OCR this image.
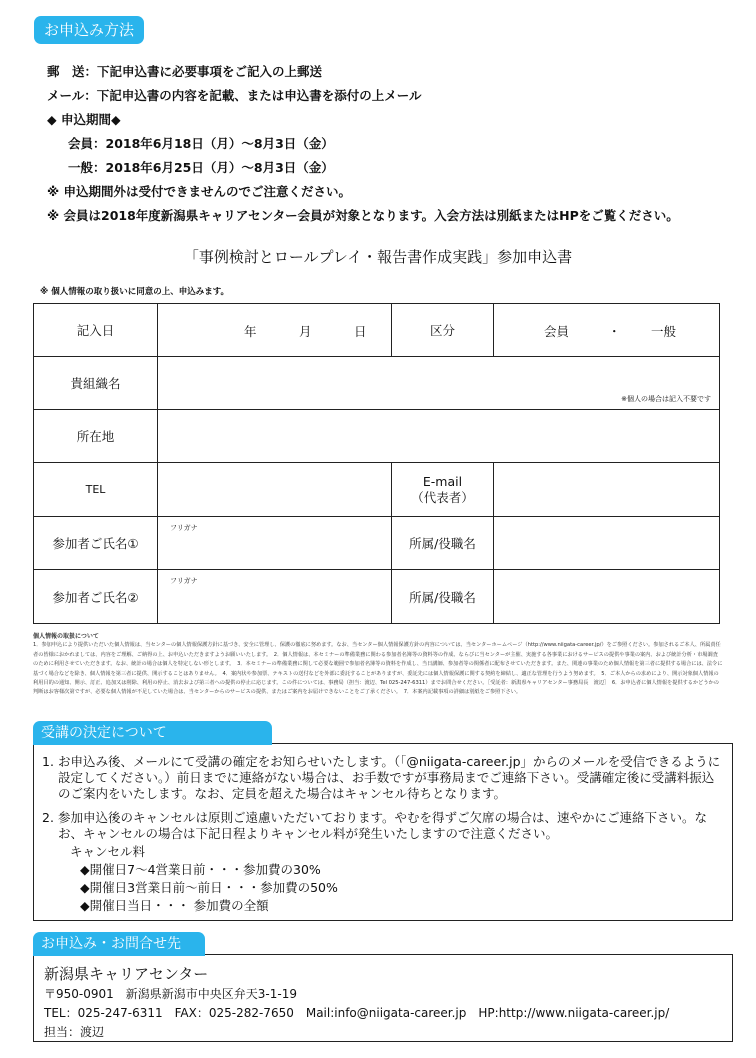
お申込み方法
郵　送：下記申込書に必要事項をご記入の上郵送
メール：下記申込書の内容を記載、または申込書を添付の上メール
◆ 申込期間◆
会員：2018年6月18日（月）～8月3日（金）
一般：2018年6月25日（月）～8月3日（金）
※ 申込期間外は受付できませんのでご注意ください。
※ 会員は2018年度新潟県キャリアセンター会員が対象となります。入会方法は別紙またはHPをご覧ください。
「事例検討とロールプレイ・報告書作成実践」参加申込書
※ 個人情報の取り扱いに同意の上、申込みます。
記入日	年 月 日	区分	会員 ・ 一般

貴組織名	※個人の場合は記入不要です		

所在地			
TEL		E-mail
（代表者）	

参加者ご氏名①	フリガナ	所属/役職名	
参加者ご氏名②	フリガナ	所属/役職名	
個人情報の取扱について
1．参加申込により提供いただいた個人情報は、当センターの個人情報保護方針に基づき、安全に管理し、保護の徹底に努めます。なお、当センター個人情報保護方針の内容については、当センターホームページ（http://www.niigata-career.jp/）をご参照ください。参加されるご本人、所属責任者の皆様におかれましては、内容をご理解、ご納得の上、お申込いただきますようお願いいたします。　2．個人情報は、本セミナーの準備業務に関わる参加者名簿等の資料等の作成、ならびに当センターが主催、実施する各事業におけるサービスの提供や事業の案内、および統計分析・市場調査のために利用させていただきます。なお、統計の場合は個人を特定しない形とします。　3．本セミナーの準備業務に関して必要な範囲で参加者名簿等の資料を作成し、当日講師、参加者等の関係者に配布させていただきます。また、関連の事業のため個人情報を第三者に提供する場合には、法令に基づく場合などを除き、個人情報を第三者に提供、開示することはありません。　4．案内状や参加票、テキストの送付などを外部に委託することがありますが、委託先には個人情報保護に関する契約を締結し、適正な管理を行うよう努めます。　5．ご本人からの求めにより、開示対象個人情報の利用目的の通知、開示、訂正、追加又は削除、利用の停止、消去および第三者への提供の停止に応じます。この件については、事務局（担当：渡辺、Tel 025-247-6311）までお問合せください。［受託者：新潟県キャリアセンター事務局長　渡辺］　6．お申込者に個人情報を提供するかどうかの判断はお客様次第ですが、必要な個人情報が不足していた場合は、当センターからのサービスの提供、またはご案内をお届けできないことをご了承ください。　7．本案内記載事項の詳細は別紙をご参照下さい。
1. お申込み後、メールにて受講の確定をお知らせいたします。（「@niigata-career.jp」からのメールを受信できるように設定してください。）前日までに連絡がない場合は、お手数ですが事務局までご連絡下さい。受講確定後に受講料振込のご案内をいたします。なお、定員を超えた場合はキャンセル待ちとなります。
2. 参加申込後のキャンセルは原則ご遠慮いただいております。やむを得ずご欠席の場合は、速やかにご連絡下さい。なお、キャンセルの場合は下記日程よりキャンセル料が発生いたしますので注意ください。
キャンセル料
◆開催日7～4営業日前・・・参加費の30%
◆開催日3営業日前～前日・・・参加費の50%
◆開催日当日・・・ 参加費の全額
受講の決定について
新潟県キャリアセンター
〒950-0901　新潟県新潟市中央区弁天3-1-19
TEL：025-247-6311　FAX：025-282-7650　Mail:info@niigata-career.jp　HP:http://www.niigata-career.jp/
担当：渡辺
お申込み・お問合せ先
